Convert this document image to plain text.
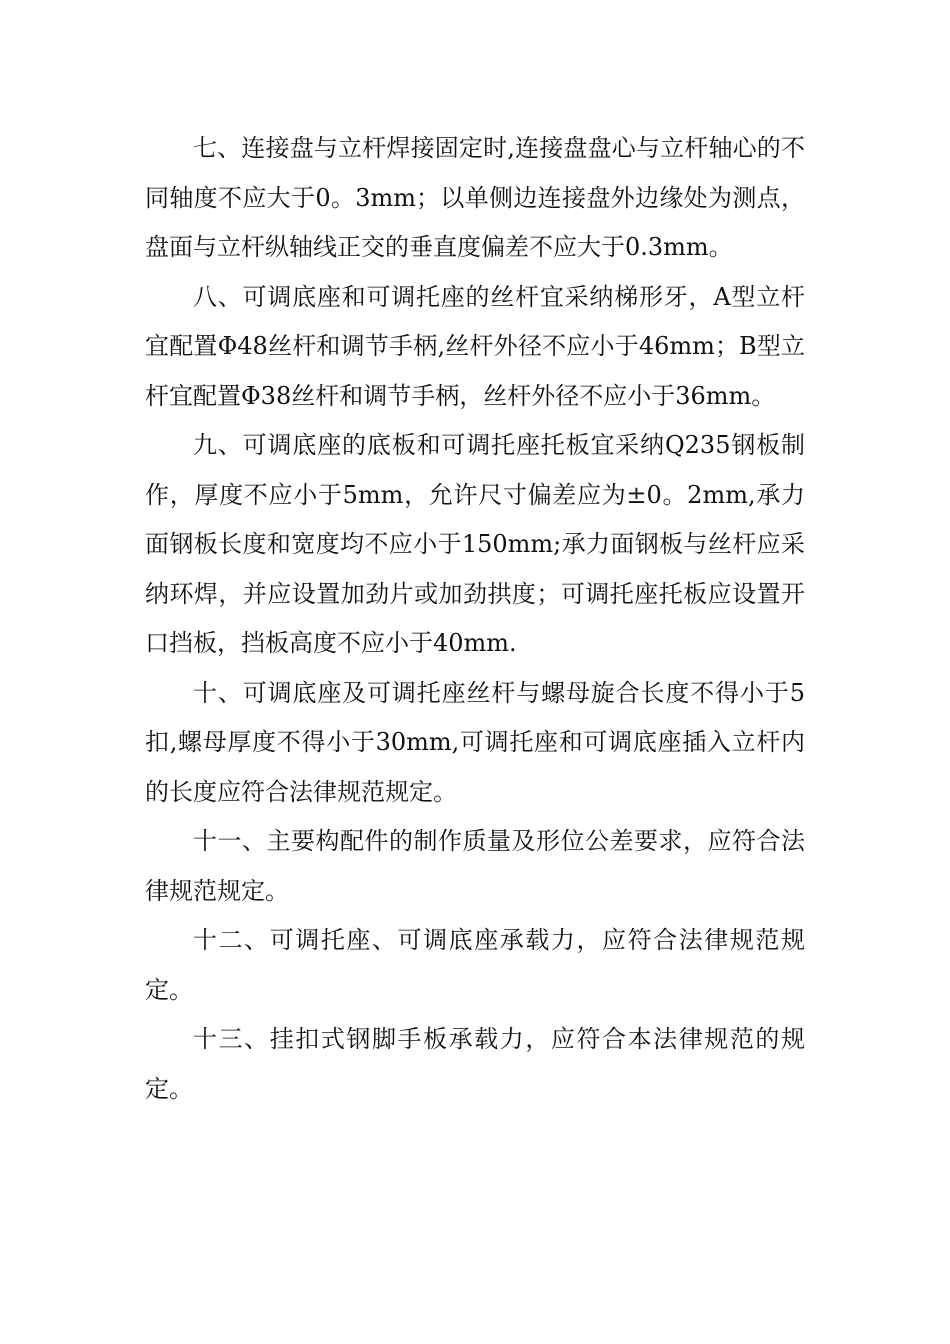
七、连接盘与立杆焊接固定时,连接盘盘心与立杆轴心的不同轴度不应大于0。3mm；以单侧边连接盘外边缘处为测点，盘面与立杆纵轴线正交的垂直度偏差不应大于0.3mm。

八、可调底座和可调托座的丝杆宜采纳梯形牙，A型立杆宜配置Φ48丝杆和调节手柄,丝杆外径不应小于46mm；B型立杆宜配置Φ38丝杆和调节手柄，丝杆外径不应小于36mm。

九、可调底座的底板和可调托座托板宜采纳Q235钢板制作，厚度不应小于5mm，允许尺寸偏差应为±0。2mm,承力面钢板长度和宽度均不应小于150mm;承力面钢板与丝杆应采纳环焊，并应设置加劲片或加劲拱度；可调托座托板应设置开口挡板，挡板高度不应小于40mm.

十、可调底座及可调托座丝杆与螺母旋合长度不得小于5扣,螺母厚度不得小于30mm,可调托座和可调底座插入立杆内的长度应符合法律规范规定。

十一、主要构配件的制作质量及形位公差要求，应符合法律规范规定。

十二、可调托座、可调底座承载力，应符合法律规范规定。

十三、挂扣式钢脚手板承载力，应符合本法律规范的规定。
